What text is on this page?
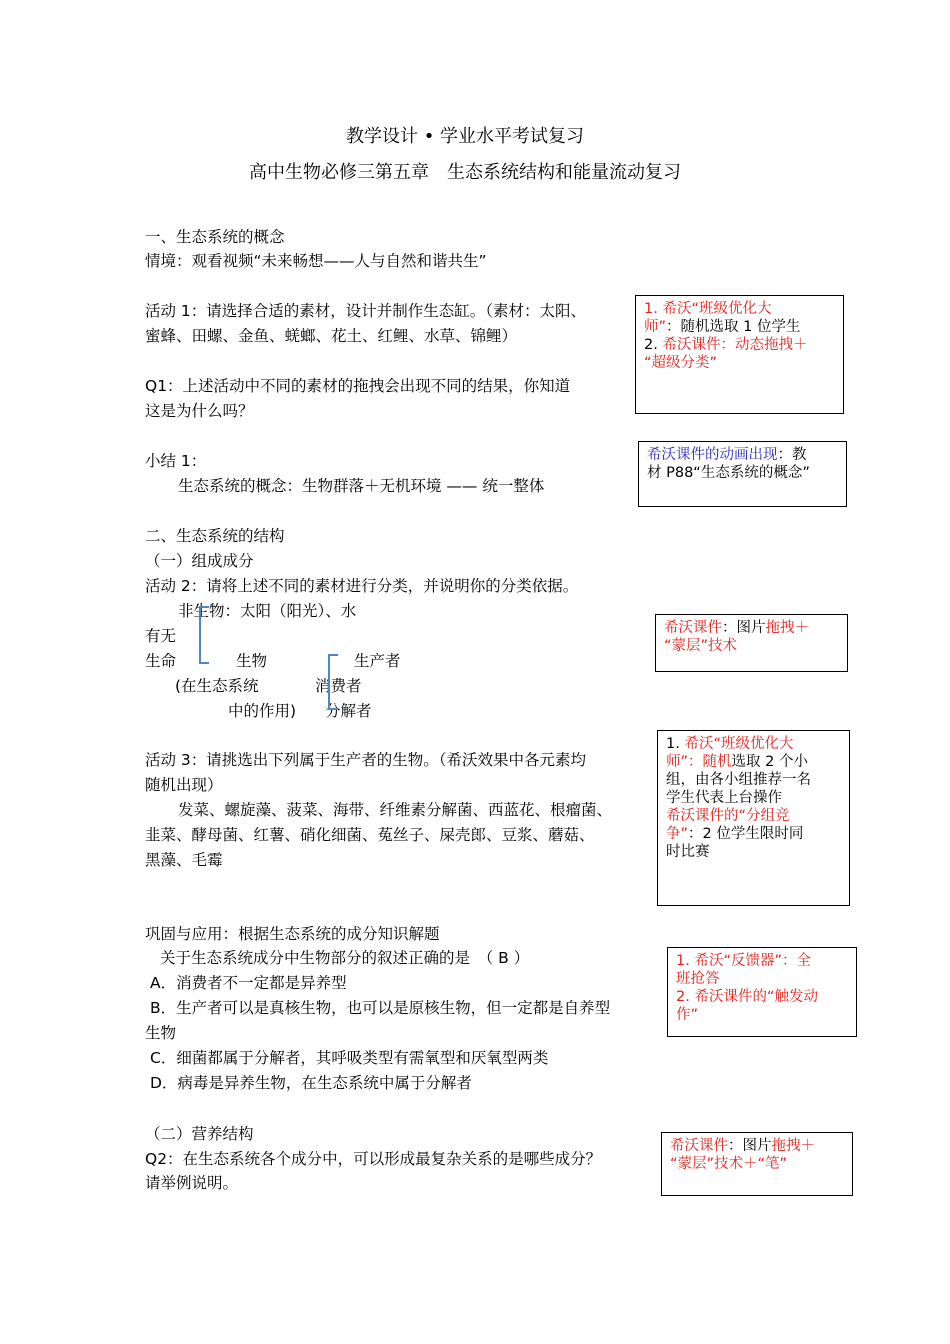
教学设计 • 学业水平考试复习
高中生物必修三第五章　生态系统结构和能量流动复习
一、生态系统的概念
情境：观看视频“未来畅想——人与自然和谐共生”
活动 1：请选择合适的素材，设计并制作生态缸。（素材：太阳、
蜜蜂、田螺、金鱼、蜣螂、花土、红鲤、水草、锦鲤）
Q1：上述活动中不同的素材的拖拽会出现不同的结果，你知道
这是为什么吗？
小结 1：
生态系统的概念：生物群落＋无机环境 —— 统一整体
二、生态系统的结构
（一）组成成分
活动 2：请将上述不同的素材进行分类，并说明你的分类依据。
非生物：太阳（阳光）、水
有无
生命	生物	生产者
(在生态系统	消费者
中的作用) 分解者
活动 3：请挑选出下列属于生产者的生物。（希沃效果中各元素均
随机出现）
发菜、螺旋藻、菠菜、海带、纤维素分解菌、西蓝花、根瘤菌、
韭菜、酵母菌、红薯、硝化细菌、菟丝子、屎壳郎、豆浆、蘑菇、
黑藻、毛霉
巩固与应用：根据生态系统的成分知识解题
关于生态系统成分中生物部分的叙述正确的是　（ B ）
A．消费者不一定都是异养型
B．生产者可以是真核生物，也可以是原核生物，但一定都是自养型
生物
C．细菌都属于分解者，其呼吸类型有需氧型和厌氧型两类
D．病毒是异养生物，在生态系统中属于分解者
（二）营养结构
Q2：在生态系统各个成分中，可以形成最复杂关系的是哪些成分？
请举例说明。
1. 希沃“班级优化大
师”：随机选取 1 位学生
2. 希沃课件：动态拖拽＋
“超级分类”
希沃课件的动画出现：教
材 P88“生态系统的概念”
希沃课件：图片拖拽＋
“蒙层”技术
1. 希沃“班级优化大
师”：随机选取 2 个小
组，由各小组推荐一名
学生代表上台操作
希沃课件的“分组竞
争”：2 位学生限时同
时比赛
1. 希沃“反馈器”：全
班抢答
2. 希沃课件的“触发动
作”
希沃课件：图片拖拽＋
“蒙层”技术＋“笔”
